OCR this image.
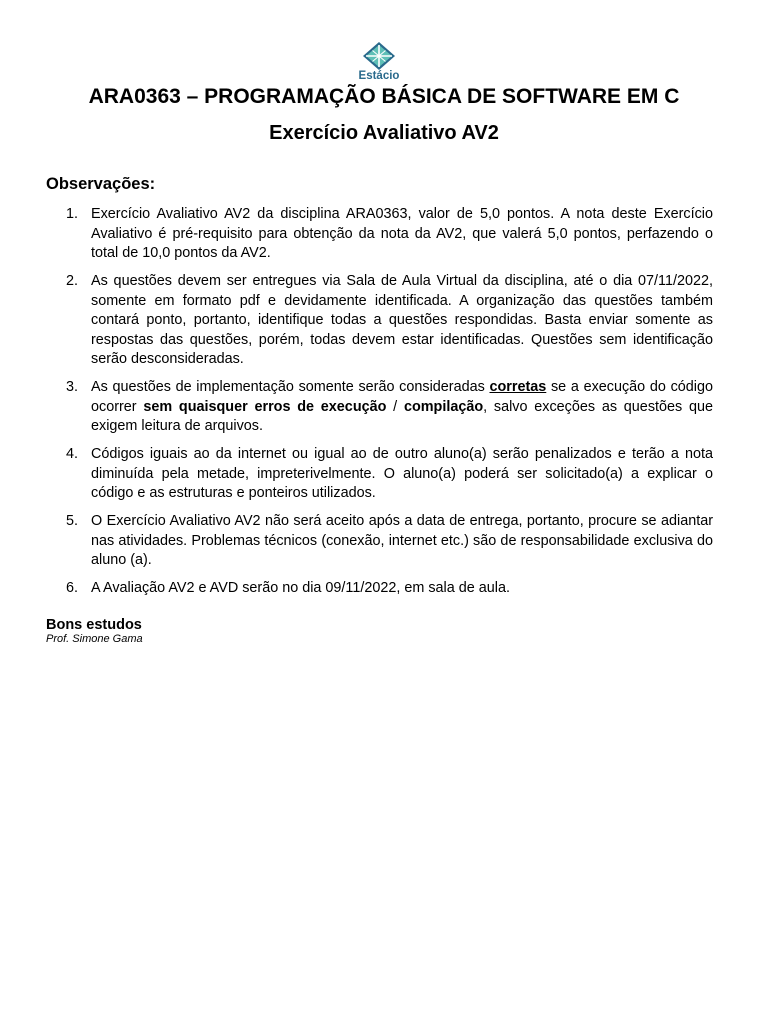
Estácio
ARA0363 – PROGRAMAÇÃO BÁSICA DE SOFTWARE EM C
Exercício Avaliativo AV2
Observações:
1. Exercício Avaliativo AV2 da disciplina ARA0363, valor de 5,0 pontos. A nota deste Exercício Avaliativo é pré-requisito para obtenção da nota da AV2, que valerá 5,0 pontos, perfazendo o total de 10,0 pontos da AV2.
2. As questões devem ser entregues via Sala de Aula Virtual da disciplina, até o dia 07/11/2022, somente em formato pdf e devidamente identificada. A organização das questões também contará ponto, portanto, identifique todas a questões respondidas. Basta enviar somente as respostas das questões, porém, todas devem estar identificadas. Questões sem identificação serão desconsideradas.
3. As questões de implementação somente serão consideradas corretas se a execução do código ocorrer sem quaisquer erros de execução / compilação, salvo exceções as questões que exigem leitura de arquivos.
4. Códigos iguais ao da internet ou igual ao de outro aluno(a) serão penalizados e terão a nota diminuída pela metade, impreterivelmente. O aluno(a) poderá ser solicitado(a) a explicar o código e as estruturas e ponteiros utilizados.
5. O Exercício Avaliativo AV2 não será aceito após a data de entrega, portanto, procure se adiantar nas atividades. Problemas técnicos (conexão, internet etc.) são de responsabilidade exclusiva do aluno (a).
6. A Avaliação AV2 e AVD serão no dia 09/11/2022, em sala de aula.

Bons estudos

Prof. Simone Gama
